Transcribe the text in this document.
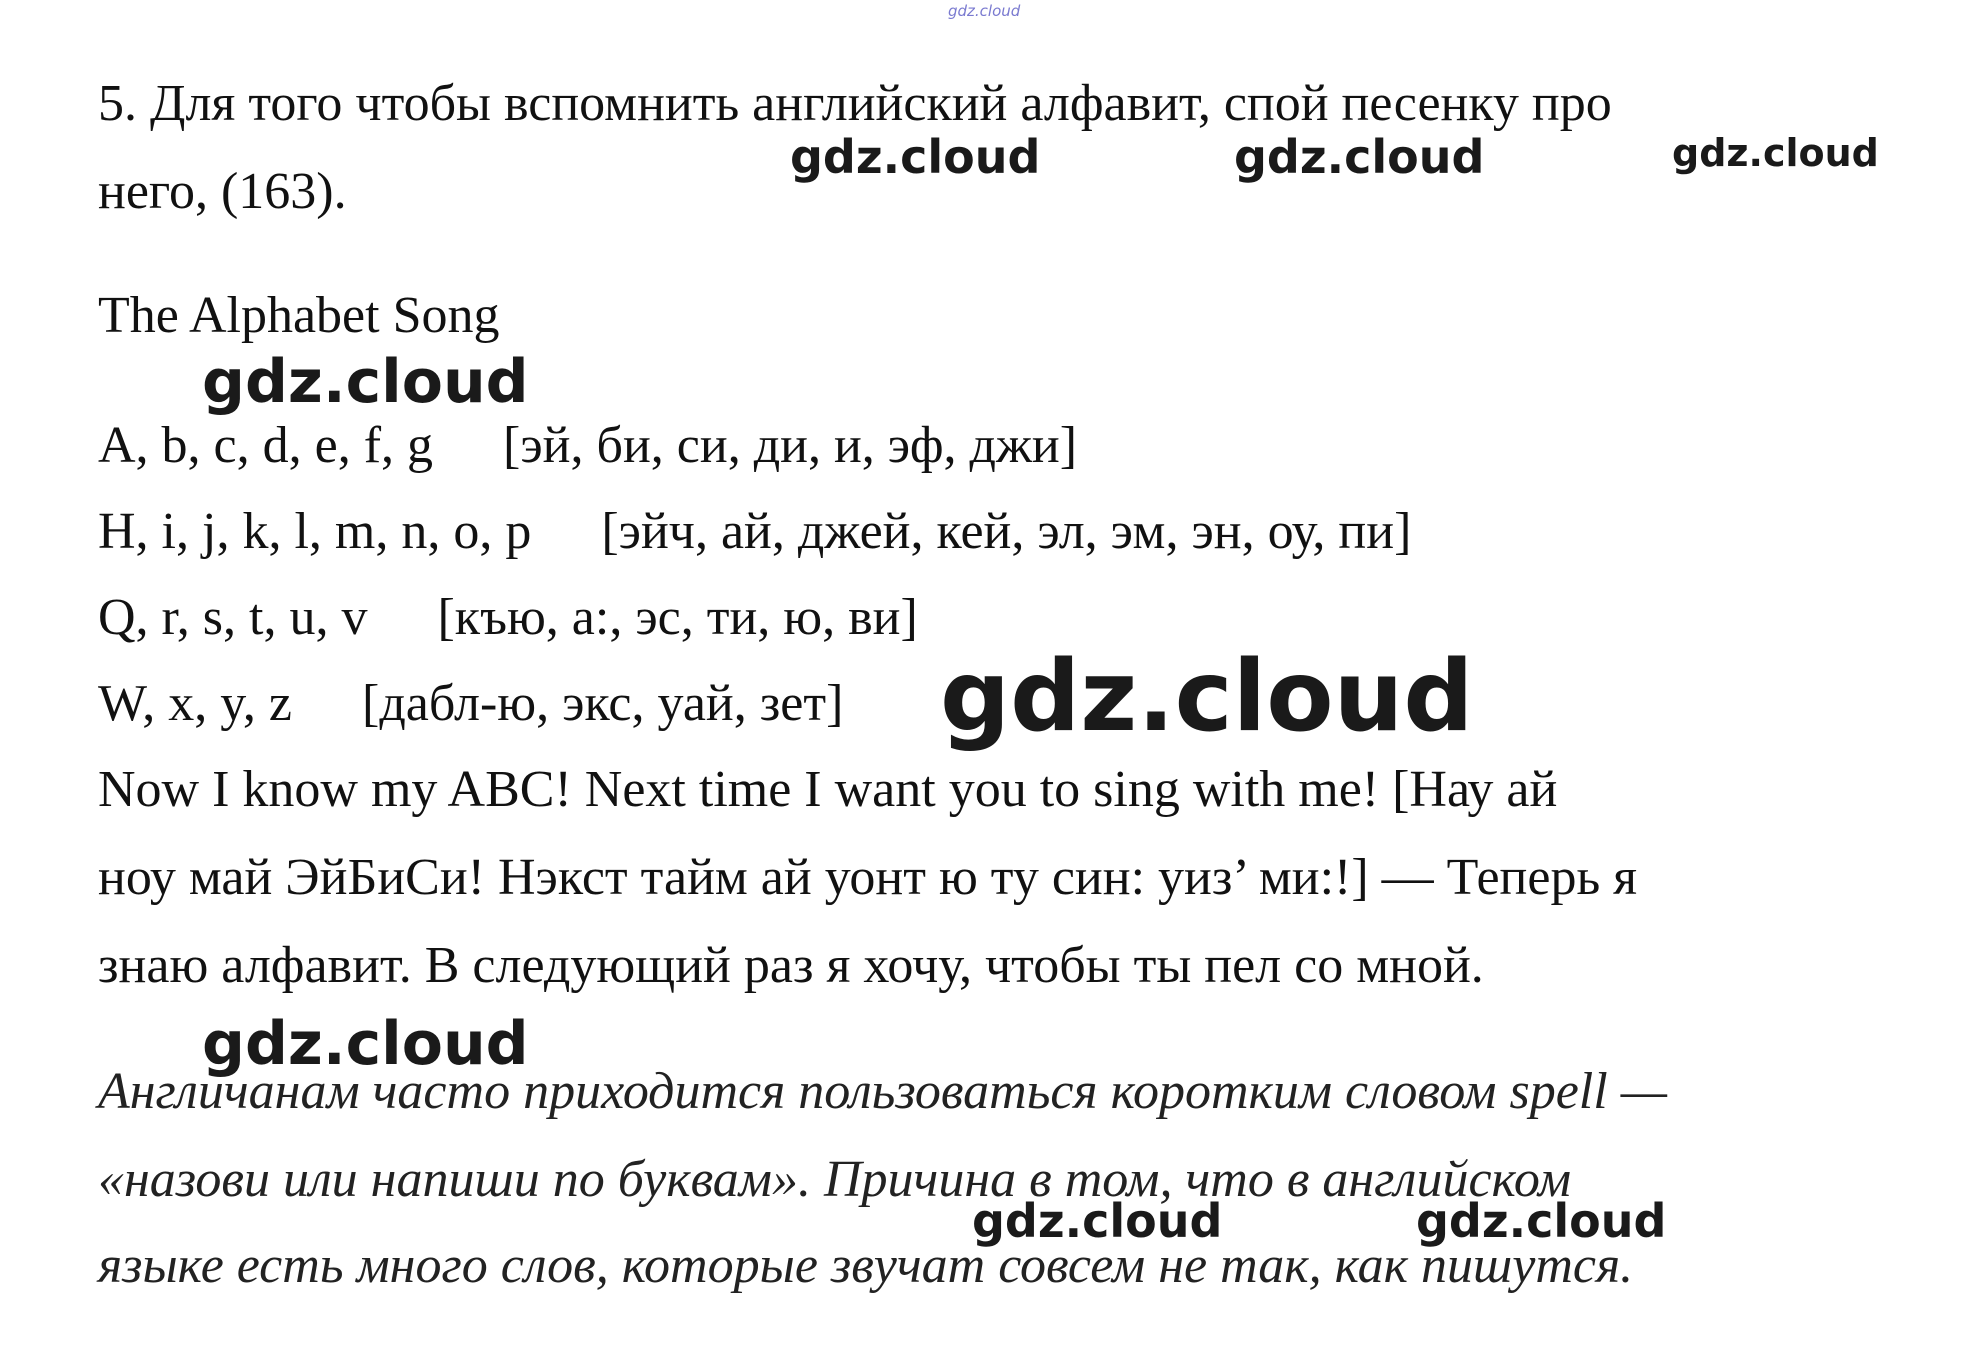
gdz.cloud
5. Для того чтобы вспомнить английский алфавит, спой песенку про
него, (163).
The Alphabet Song
A, b, c, d, e, f, g [эй, би, си, ди, и, эф, джи]
H, i, j, k, l, m, n, o, p [эйч, ай, джей, кей, эл, эм, эн, оу, пи]
Q, r, s, t, u, v [къю, а:, эс, ти, ю, ви]
W, x, y, z [дабл-ю, экс, уай, зет]
Now I know my ABC! Next time I want you to sing with me! [Нау ай
ноу май ЭйБиСи! Нэкст тайм ай уонт ю ту син: уиз’ ми:!] — Теперь я
знаю алфавит. В следующий раз я хочу, чтобы ты пел со мной.
Англичанам часто приходится пользоваться коротким словом spell —
«назови или напиши по буквам». Причина в том, что в английском
языке есть много слов, которые звучат совсем не так, как пишутся.
gdz.cloud	gdz.cloud	gdz.cloud
gdz.cloud
gdz.cloud
gdz.cloud
gdz.cloud	gdz.cloud
